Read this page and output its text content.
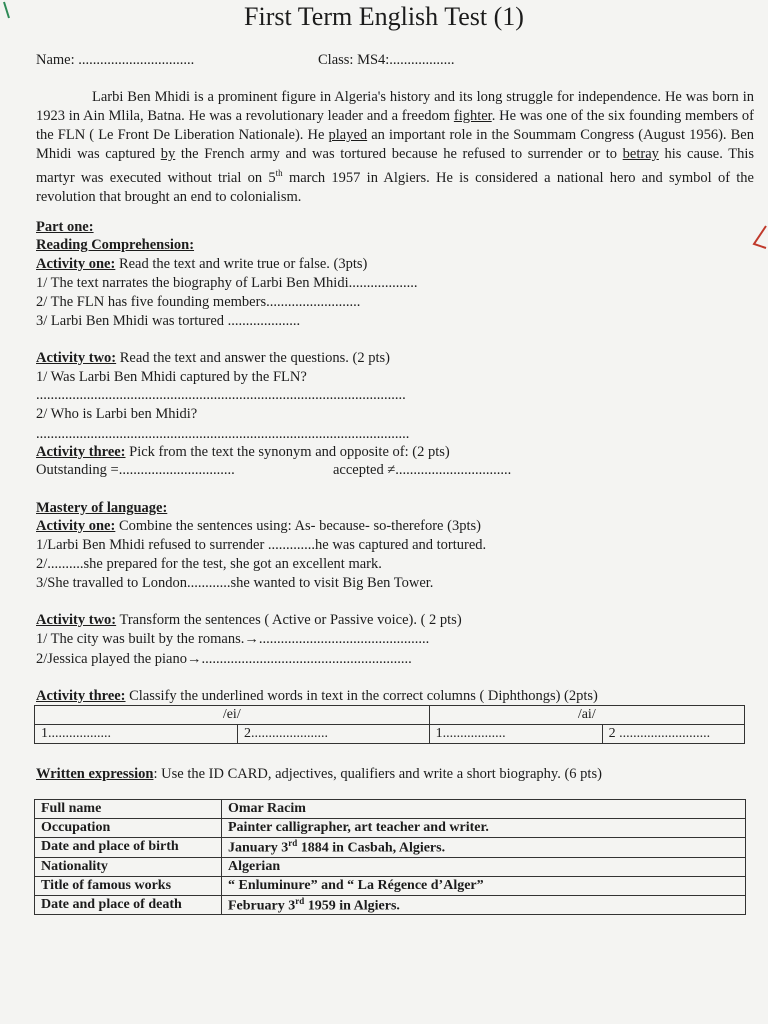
First Term English Test (1)
Name: ................................	Class: MS4:..................
Larbi Ben Mhidi is a prominent figure in Algeria's history and its long struggle for independence. He was born in 1923 in Ain Mlila, Batna. He was a revolutionary leader and a freedom fighter. He was one of the six founding members of the FLN ( Le Front De Liberation Nationale). He played an important role in the Soummam Congress (August 1956). Ben Mhidi was captured by the French army and was tortured because he refused to surrender or to betray his cause. This martyr was executed without trial on 5th march 1957 in Algiers. He is considered a national hero and symbol of the revolution that brought an end to colonialism.
Part one:
Reading Comprehension:
Activity one: Read the text and write true or false. (3pts)
1/ The text narrates the biography of Larbi Ben Mhidi...................
2/ The FLN has five founding members..........................
3/ Larbi Ben Mhidi was tortured ....................
Activity two: Read the text and answer the questions. (2 pts)
1/ Was Larbi Ben Mhidi captured by the FLN?
......................................................................................................
2/ Who is Larbi ben Mhidi?
.......................................................................................................
Activity three: Pick from the text the synonym and opposite of: (2 pts)
Outstanding =................................	accepted ≠................................
Mastery of language:
Activity one: Combine the sentences using: As- because- so-therefore (3pts)
1/Larbi Ben Mhidi refused to surrender .............he was captured and tortured.
2/..........she prepared for the test, she got an excellent mark.
3/She travalled to London............she wanted to visit Big Ben Tower.
Activity two: Transform the sentences ( Active or Passive voice). ( 2 pts)
1/ The city was built by the romans.→...............................................
2/Jessica played the piano→..........................................................
Activity three: Classify the underlined words in text in the correct columns ( Diphthongs) (2pts)
/ei/		/ai/	
1..................	2......................	1..................	2 ..........................
Written expression: Use the ID CARD, adjectives, qualifiers and write a short biography. (6 pts)
Full name	Omar Racim
Occupation	Painter calligrapher, art teacher and writer.
Date and place of birth	January 3rd 1884 in Casbah, Algiers.
Nationality	Algerian
Title of famous works	“ Enluminure” and “ La Régence d’Alger”
Date and place of death	February 3rd 1959 in Algiers.
